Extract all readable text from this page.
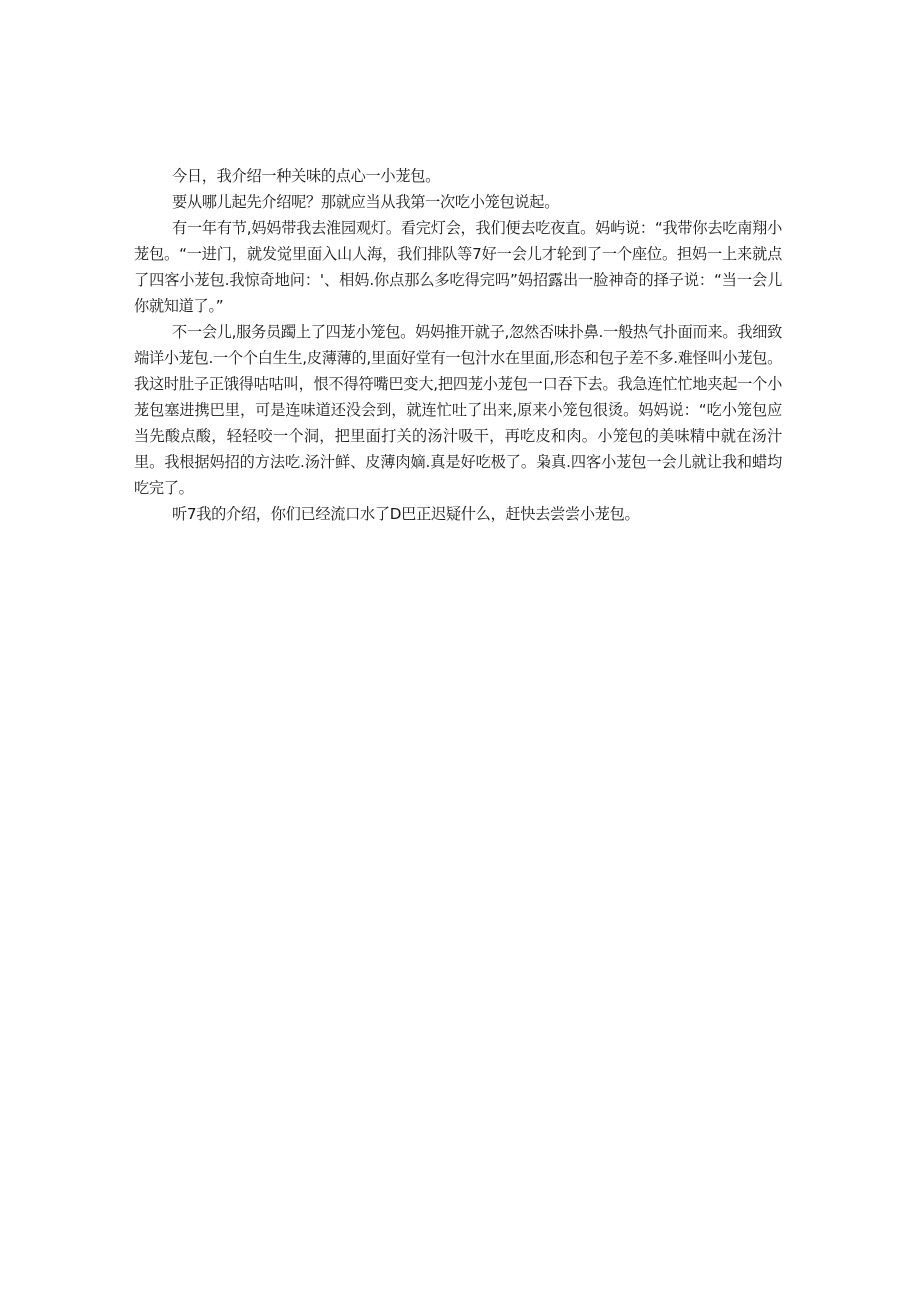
今日，我介绍一种关味的点心一小茏包。

要从哪儿起先介绍呢？那就应当从我第一次吃小笼包说起。

有一年有节,妈妈带我去淮园观灯。看完灯会，我们便去吃夜直。妈屿说：“我带你去吃南翔小茏包。“一进门，就发觉里面入山人海，我们排队等7好一会儿才轮到了一个座位。担妈一上来就点了四客小茏包.我惊奇地问：'、相妈.你点那么多吃得完吗”妈招露出一脸神奇的择子说：“当一会儿你就知道了。”

不一会儿,服务员躅上了四茏小笼包。妈妈推开就子,忽然否味扑鼻.一般热气扑面而来。我细致端详小茏包.一个个白生生,皮薄薄的,里面好堂有一包汁水在里面,形态和包子差不多.难怪叫小茏包。我这时肚子正饿得咕咕叫，恨不得符嘴巴变大,把四茏小茏包一口吞下去。我急连忙忙地夹起一个小茏包塞进携巴里，可是连味道还没会到，就连忙吐了出来,原来小笼包很烫。妈妈说：“吃小笼包应当先酸点酸，轻轻咬一个洞，把里面打关的汤汁吸干，再吃皮和肉。小笼包的美味精中就在汤汁里。我根据妈招的方法吃.汤汁鲜、皮薄肉嫡.真是好吃极了。枭真.四客小茏包一会儿就让我和蜡均吃完了。

听7我的介绍，你们已经流口水了D巴正迟疑什么，赶快去尝尝小茏包。
